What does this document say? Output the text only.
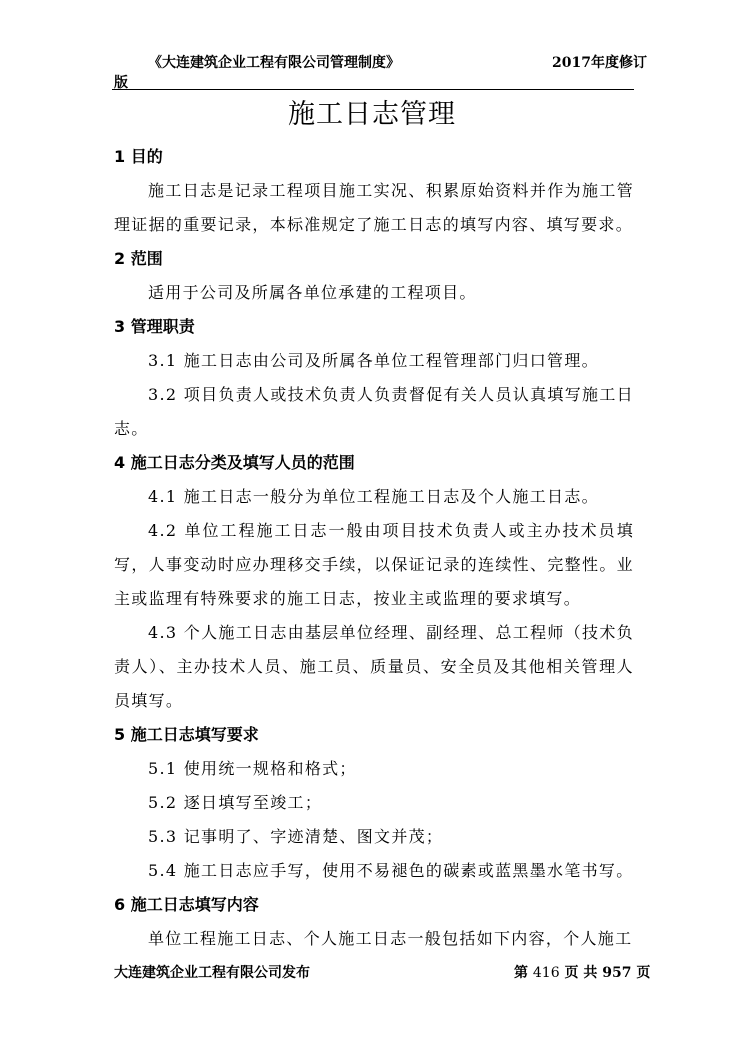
《大连建筑企业工程有限公司管理制度》	2017年度修订
版
施工日志管理
1 目的
施工日志是记录工程项目施工实况、积累原始资料并作为施工管理证据的重要记录，本标准规定了施工日志的填写内容、填写要求。
2 范围
适用于公司及所属各单位承建的工程项目。
3 管理职责
3.1 施工日志由公司及所属各单位工程管理部门归口管理。
3.2 项目负责人或技术负责人负责督促有关人员认真填写施工日志。
4 施工日志分类及填写人员的范围
4.1 施工日志一般分为单位工程施工日志及个人施工日志。
4.2 单位工程施工日志一般由项目技术负责人或主办技术员填写，人事变动时应办理移交手续，以保证记录的连续性、完整性。业主或监理有特殊要求的施工日志，按业主或监理的要求填写。
4.3 个人施工日志由基层单位经理、副经理、总工程师（技术负责人）、主办技术人员、施工员、质量员、安全员及其他相关管理人员填写。
5 施工日志填写要求
5.1 使用统一规格和格式；
5.2 逐日填写至竣工；
5.3 记事明了、字迹清楚、图文并茂；
5.4 施工日志应手写，使用不易褪色的碳素或蓝黑墨水笔书写。
6 施工日志填写内容
单位工程施工日志、个人施工日志一般包括如下内容，个人施工
大连建筑企业工程有限公司发布	第 416 页 共 957 页
